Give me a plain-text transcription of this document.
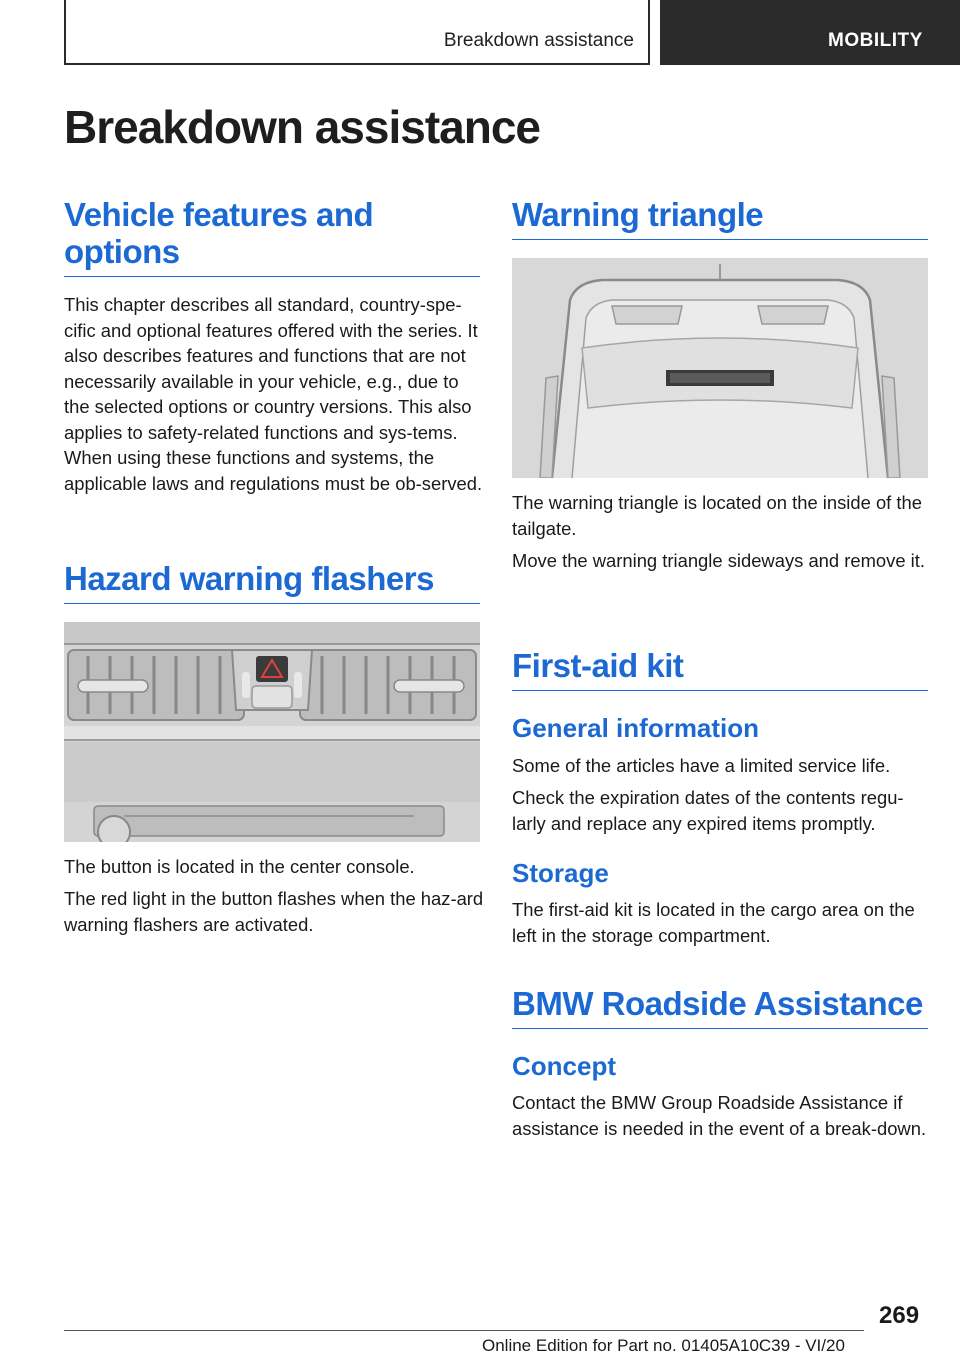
Breakdown assistance	MOBILITY
Breakdown assistance
Vehicle features and
options

This chapter describes all standard, country-spe-cific and optional features offered with the series. It also describes features and functions that are not necessarily available in your vehicle, e.g., due to the selected options or country versions. This also applies to safety-related functions and sys-tems. When using these functions and systems, the applicable laws and regulations must be ob-served.

Hazard warning flashers

The button is located in the center console.

The red light in the button flashes when the haz-ard warning flashers are activated.

Warning triangle

The warning triangle is located on the inside of the tailgate.

Move the warning triangle sideways and remove it.

First-aid kit
General information

Some of the articles have a limited service life.

Check the expiration dates of the contents regu-larly and replace any expired items promptly.

Storage

The first-aid kit is located in the cargo area on the left in the storage compartment.

BMW Roadside Assistance
Concept

Contact the BMW Group Roadside Assistance if assistance is needed in the event of a break-down.

269
Online Edition for Part no. 01405A10C39 - VI/20
